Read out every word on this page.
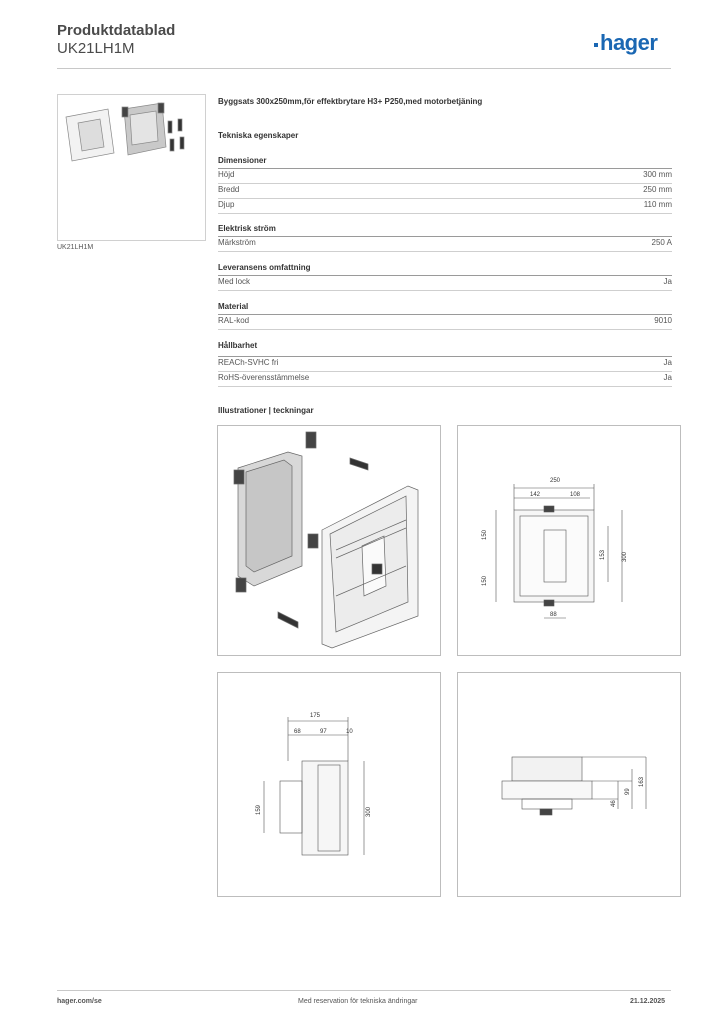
Produktdatablad
UK21LH1M	hager
UK21LH1M
Byggsats 300x250mm,för effektbrytare H3+ P250,med motorbetjäning
Tekniska egenskaper
Dimensioner
Höjd	300 mm
Bredd	250 mm
Djup	110 mm
Elektrisk ström
Märkström	250 A
Leveransens omfattning
Med lock	Ja
Material
RAL-kod	9010
Hållbarhet
REACh-SVHC fri	Ja
RoHS-överensstämmelse	Ja
Illustrationer | teckningar
250
142	108
150
150
153	300
88
175
68	97	10
159	300
46
99
163
hager.com/se	Med reservation för tekniska ändringar	21.12.2025
